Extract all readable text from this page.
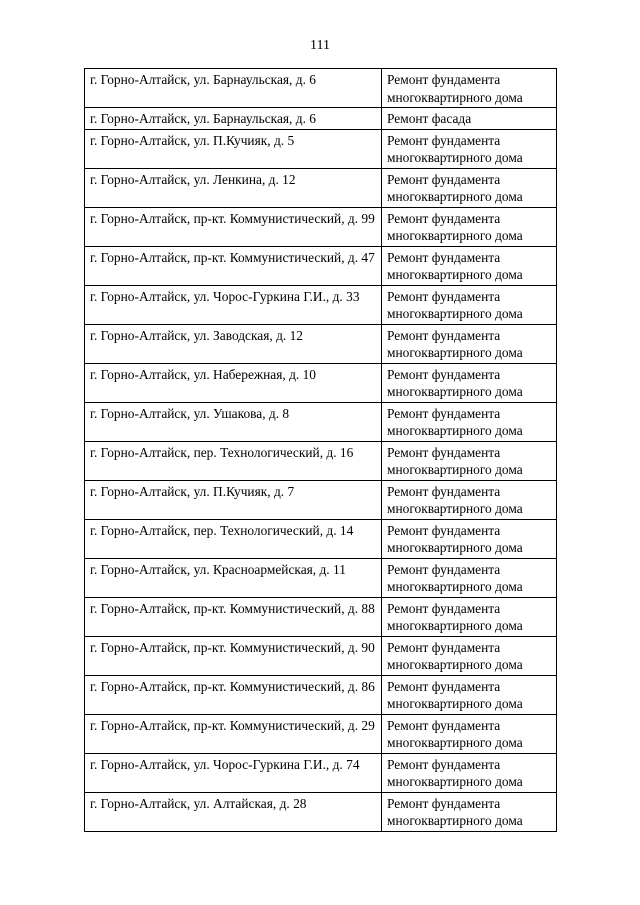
111
г. Горно-Алтайск, ул. Барнаульская, д. 6	Ремонт фундамента многоквартирного дома
г. Горно-Алтайск, ул. Барнаульская, д. 6	Ремонт фасада
г. Горно-Алтайск, ул. П.Кучияк, д. 5	Ремонт фундамента многоквартирного дома
г. Горно-Алтайск, ул. Ленкина, д. 12	Ремонт фундамента многоквартирного дома
г. Горно-Алтайск, пр-кт. Коммунистический, д. 99	Ремонт фундамента многоквартирного дома
г. Горно-Алтайск, пр-кт. Коммунистический, д. 47	Ремонт фундамента многоквартирного дома
г. Горно-Алтайск, ул. Чорос-Гуркина Г.И., д. 33	Ремонт фундамента многоквартирного дома
г. Горно-Алтайск, ул. Заводская, д. 12	Ремонт фундамента многоквартирного дома
г. Горно-Алтайск, ул. Набережная, д. 10	Ремонт фундамента многоквартирного дома
г. Горно-Алтайск, ул. Ушакова, д. 8	Ремонт фундамента многоквартирного дома
г. Горно-Алтайск, пер. Технологический, д. 16	Ремонт фундамента многоквартирного дома
г. Горно-Алтайск, ул. П.Кучияк, д. 7	Ремонт фундамента многоквартирного дома
г. Горно-Алтайск, пер. Технологический, д. 14	Ремонт фундамента многоквартирного дома
г. Горно-Алтайск, ул. Красноармейская, д. 11	Ремонт фундамента многоквартирного дома
г. Горно-Алтайск, пр-кт. Коммунистический, д. 88	Ремонт фундамента многоквартирного дома
г. Горно-Алтайск, пр-кт. Коммунистический, д. 90	Ремонт фундамента многоквартирного дома
г. Горно-Алтайск, пр-кт. Коммунистический, д. 86	Ремонт фундамента многоквартирного дома
г. Горно-Алтайск, пр-кт. Коммунистический, д. 29	Ремонт фундамента многоквартирного дома
г. Горно-Алтайск, ул. Чорос-Гуркина Г.И., д. 74	Ремонт фундамента многоквартирного дома
г. Горно-Алтайск, ул. Алтайская, д. 28	Ремонт фундамента многоквартирного дома
